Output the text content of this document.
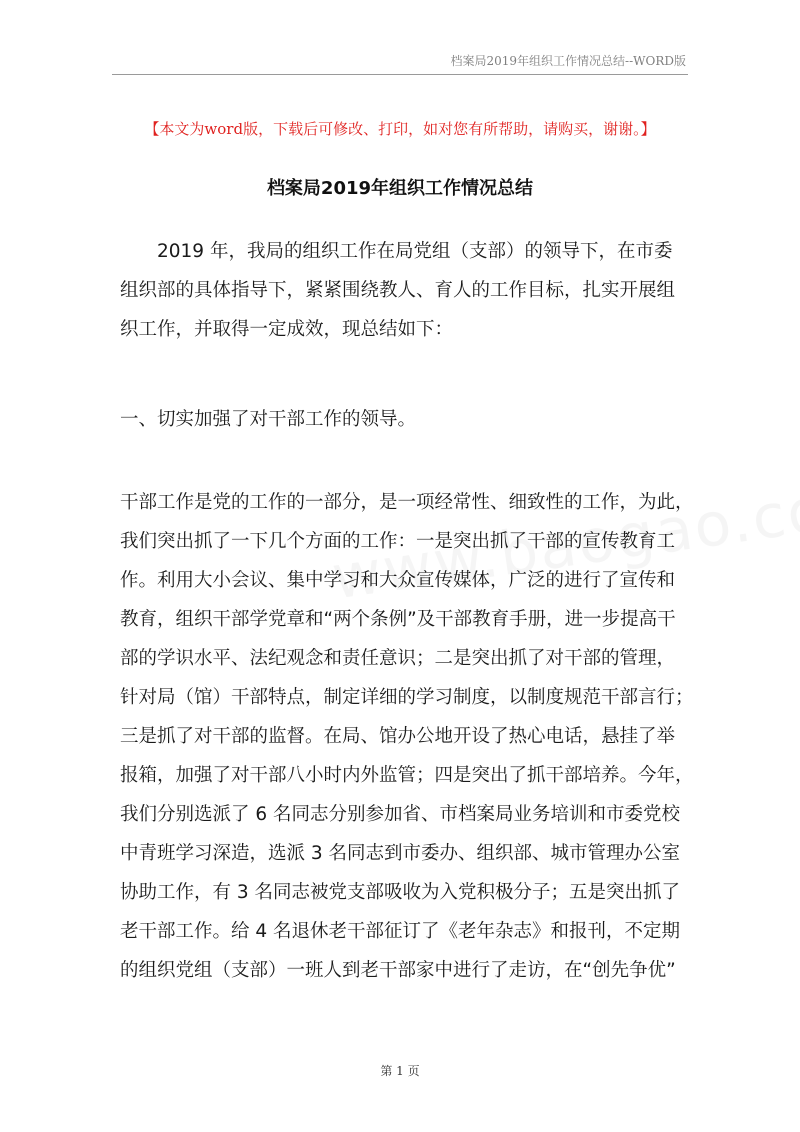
档案局2019年组织工作情况总结--WORD版
【本文为word版，下载后可修改、打印，如对您有所帮助，请购买，谢谢。】
档案局2019年组织工作情况总结
　　2019 年，我局的组织工作在局党组（支部）的领导下，在市委
组织部的具体指导下，紧紧围绕教人、育人的工作目标，扎实开展组
织工作，并取得一定成效，现总结如下：
一、切实加强了对干部工作的领导。
干部工作是党的工作的一部分，是一项经常性、细致性的工作，为此，
我们突出抓了一下几个方面的工作：一是突出抓了干部的宣传教育工
作。利用大小会议、集中学习和大众宣传媒体，广泛的进行了宣传和
教育，组织干部学党章和“两个条例”及干部教育手册，进一步提高干
部的学识水平、法纪观念和责任意识；二是突出抓了对干部的管理，
针对局（馆）干部特点，制定详细的学习制度，以制度规范干部言行；
三是抓了对干部的监督。在局、馆办公地开设了热心电话，悬挂了举
报箱，加强了对干部八小时内外监管；四是突出了抓干部培养。今年，
我们分别选派了 6 名同志分别参加省、市档案局业务培训和市委党校
中青班学习深造，选派 3 名同志到市委办、组织部、城市管理办公室
协助工作，有 3 名同志被党支部吸收为入党积极分子；五是突出抓了
老干部工作。给 4 名退休老干部征订了《老年杂志》和报刊，不定期
的组织党组（支部）一班人到老干部家中进行了走访，在“创先争优”
第 1 页
